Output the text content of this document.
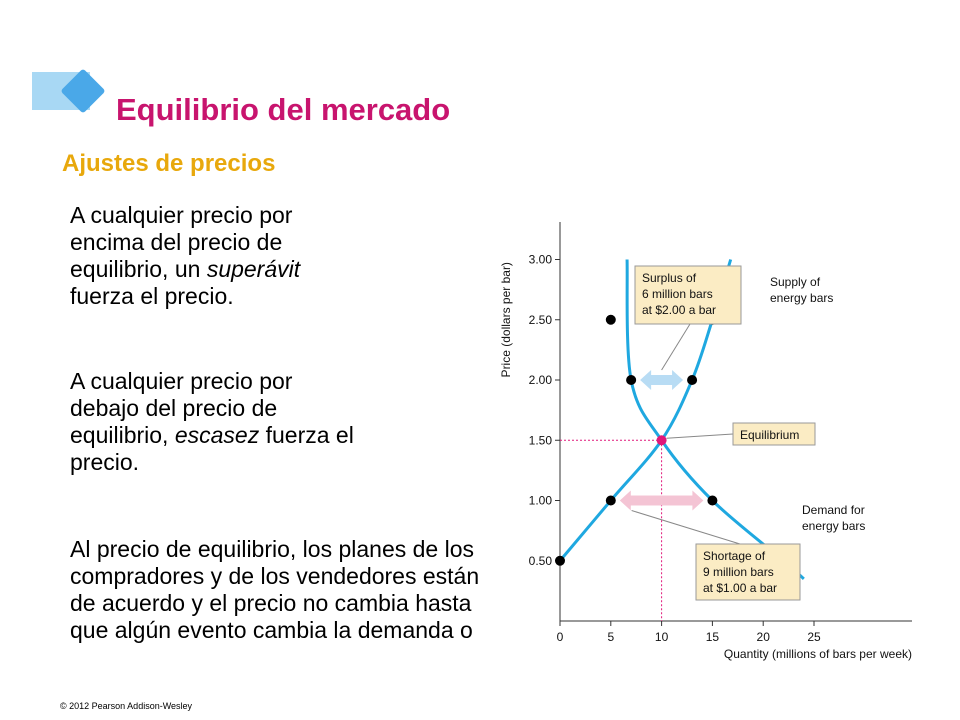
Equilibrio del mercado
Ajustes de precios

A cualquier precio por
encima del precio de
equilibrio, un superávit
fuerza el precio.

A cualquier precio por
debajo del precio de
equilibrio, escasez fuerza el
precio.

Al precio de equilibrio, los planes de los compradores y de los vendedores están de acuerdo y el precio no cambia hasta que algún evento cambia la demanda o

© 2012 Pearson Addison-Wesley
0.50
1.00
1.50
2.00
2.50
3.00
0	5	10	15	20	25
Quantity (millions of bars per week)
Price (dollars per bar)	Surplus of
6 million bars
at $2.00 a bar
Equilibrium
Shortage of
9 million bars
at $1.00 a bar
Supply of
energy bars
Demand for
energy bars
